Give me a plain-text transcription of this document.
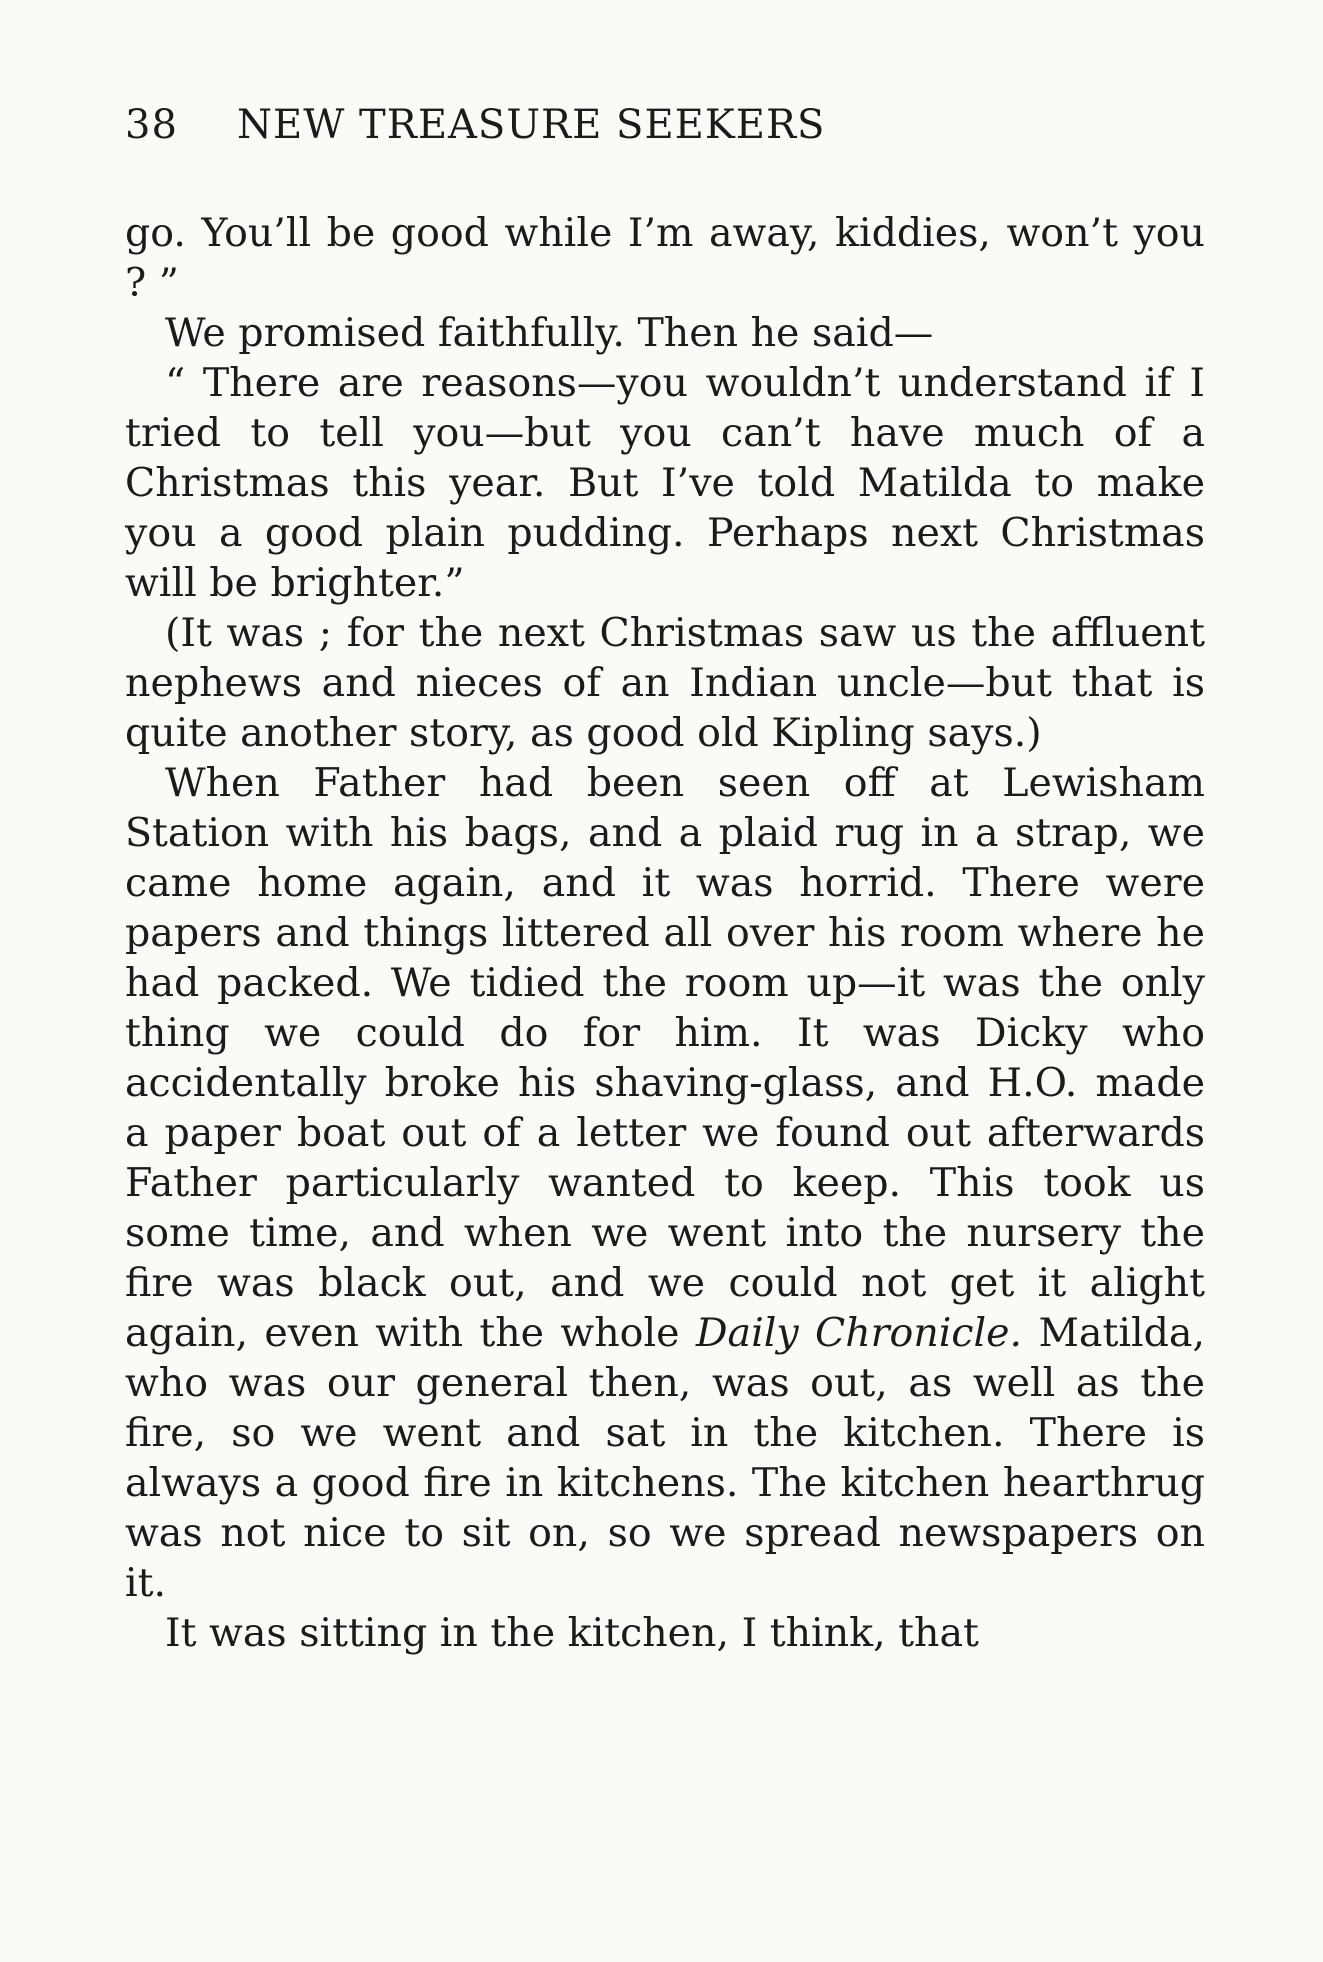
38	NEW TREASURE SEEKERS

go. You’ll be good while I’m away, kiddies, won’t you ? ”

We promised faithfully. Then he said—

“ There are reasons—you wouldn’t understand if I tried to tell you—but you can’t have much of a Christmas this year. But I’ve told Matilda to make you a good plain pudding. Perhaps next Christmas will be brighter.”

(It was ; for the next Christmas saw us the affluent nephews and nieces of an Indian uncle—but that is quite another story, as good old Kipling says.)

When Father had been seen off at Lewisham Station with his bags, and a plaid rug in a strap, we came home again, and it was horrid. There were papers and things littered all over his room where he had packed. We tidied the room up—it was the only thing we could do for him. It was Dicky who accidentally broke his shaving-glass, and H.O. made a paper boat out of a letter we found out afterwards Father particularly wanted to keep. This took us some time, and when we went into the nursery the fire was black out, and we could not get it alight again, even with the whole Daily Chronicle. Matilda, who was our general then, was out, as well as the fire, so we went and sat in the kitchen. There is always a good fire in kitchens. The kitchen hearthrug was not nice to sit on, so we spread newspapers on it.

It was sitting in the kitchen, I think, that
